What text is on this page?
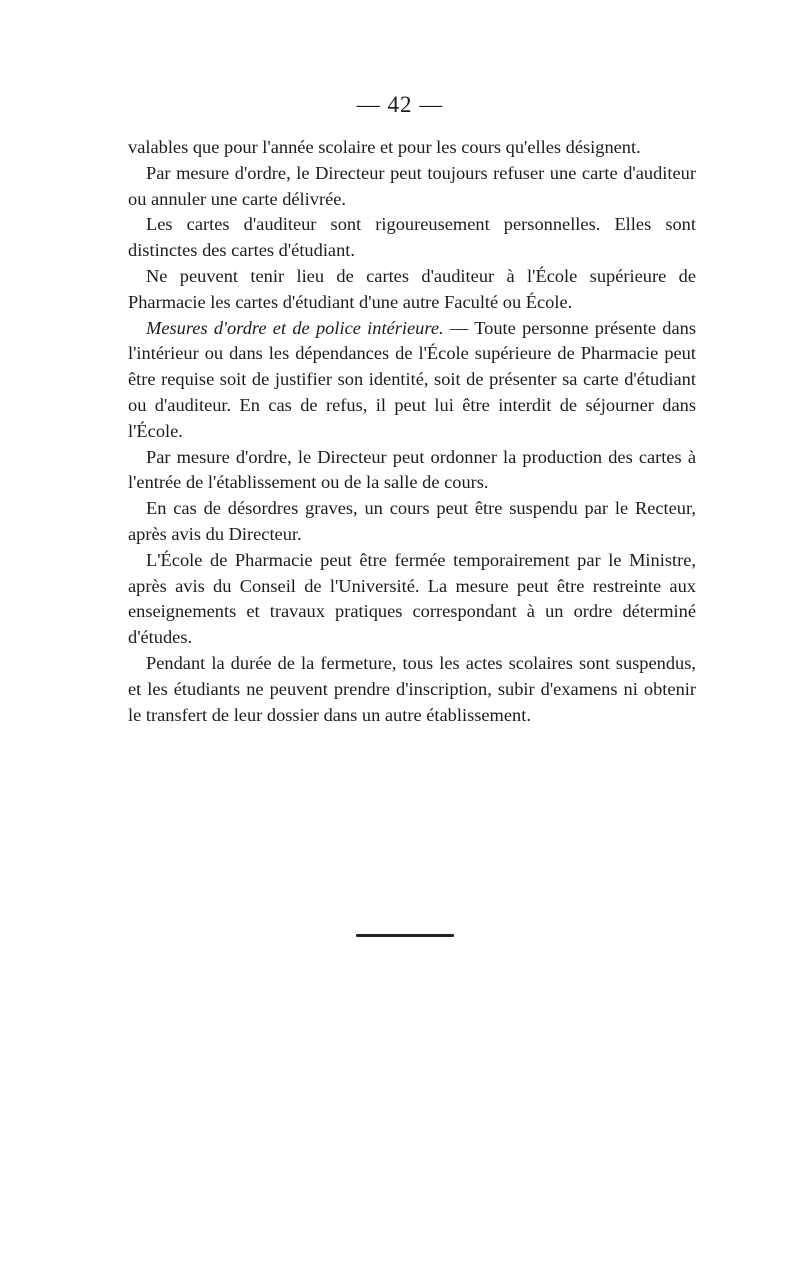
— 42 —

valables que pour l'année scolaire et pour les cours qu'elles désignent.

Par mesure d'ordre, le Directeur peut toujours refuser une carte d'auditeur ou annuler une carte délivrée.

Les cartes d'auditeur sont rigoureusement personnelles. Elles sont distinctes des cartes d'étudiant.

Ne peuvent tenir lieu de cartes d'auditeur à l'École supérieure de Pharmacie les cartes d'étudiant d'une autre Faculté ou École.

Mesures d'ordre et de police intérieure. — Toute personne présente dans l'intérieur ou dans les dépendances de l'École supérieure de Pharmacie peut être requise soit de justifier son identité, soit de présenter sa carte d'étudiant ou d'auditeur. En cas de refus, il peut lui être interdit de séjourner dans l'École.

Par mesure d'ordre, le Directeur peut ordonner la production des cartes à l'entrée de l'établissement ou de la salle de cours.

En cas de désordres graves, un cours peut être suspendu par le Recteur, après avis du Directeur.

L'École de Pharmacie peut être fermée temporairement par le Ministre, après avis du Conseil de l'Université. La mesure peut être restreinte aux enseignements et travaux pratiques correspondant à un ordre déterminé d'études.

Pendant la durée de la fermeture, tous les actes scolaires sont suspendus, et les étudiants ne peuvent prendre d'inscription, subir d'examens ni obtenir le transfert de leur dossier dans un autre établissement.
